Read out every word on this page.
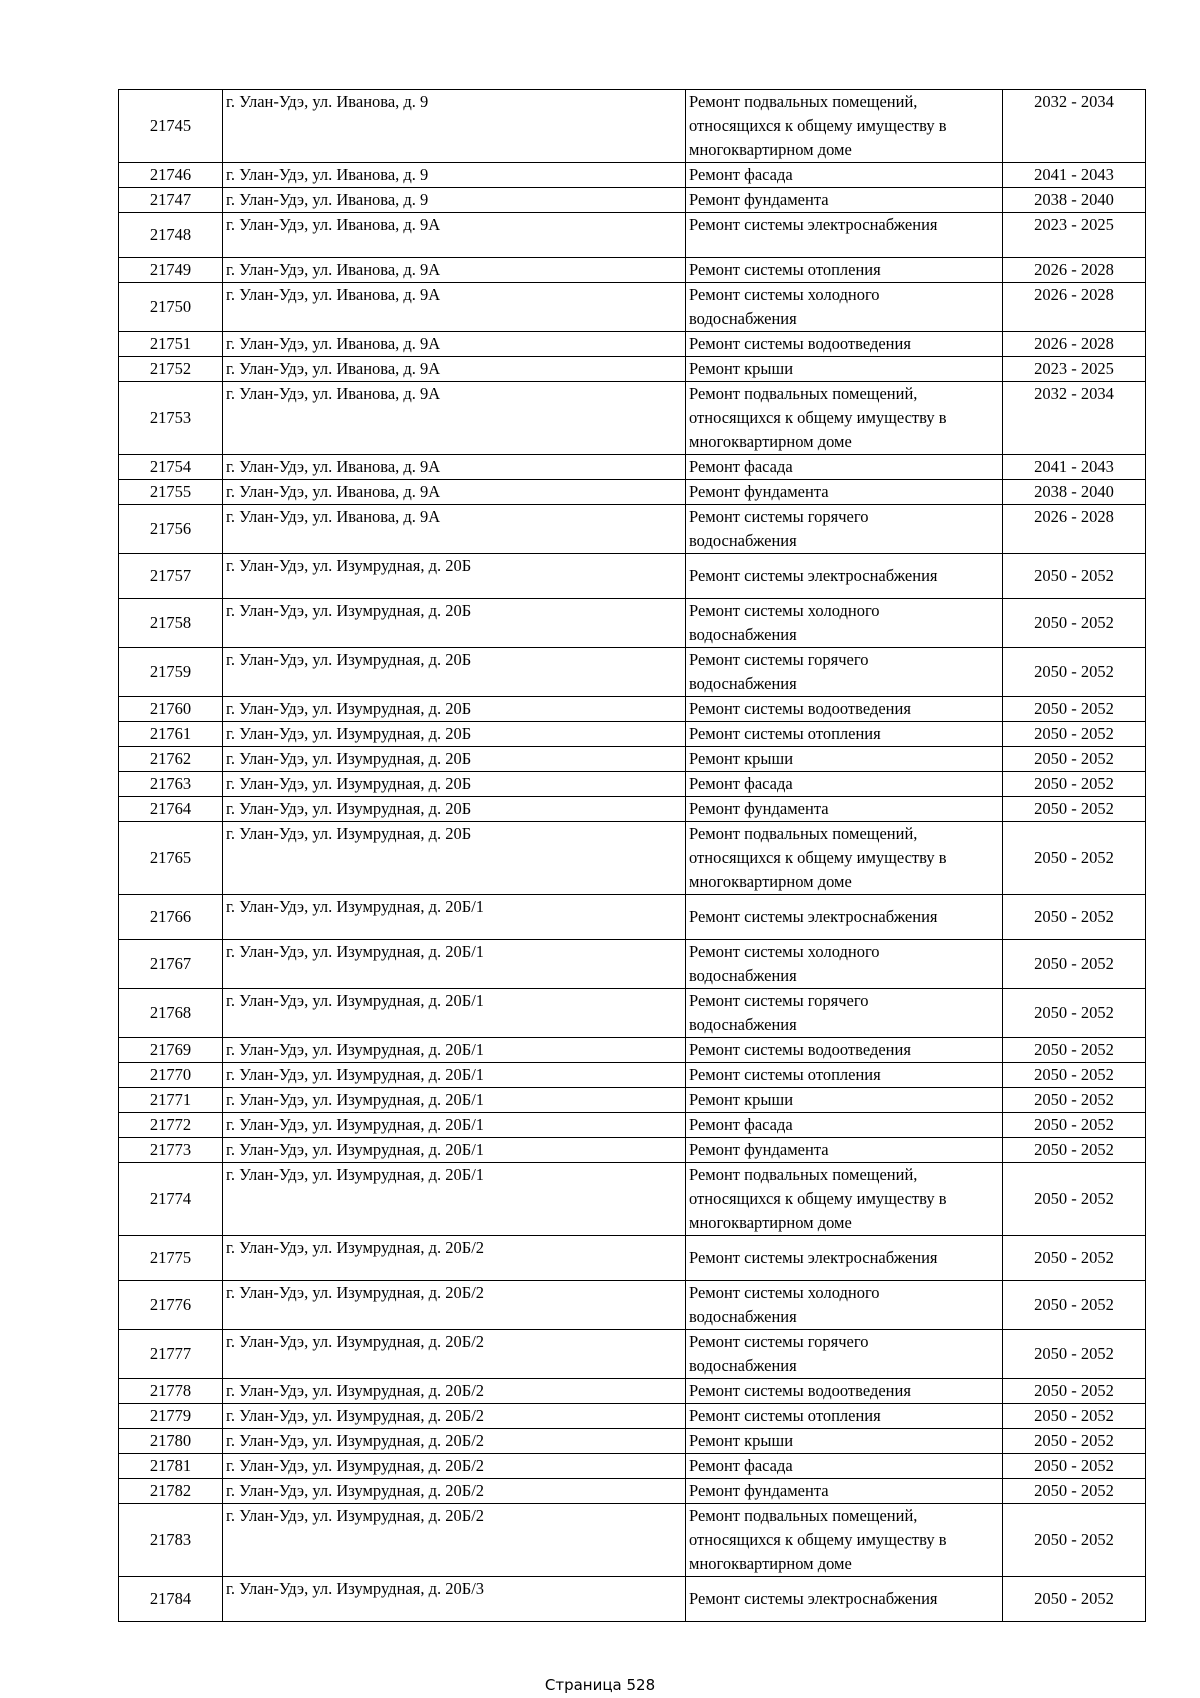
21745	г. Улан-Удэ, ул. Иванова, д. 9	Ремонт подвальных помещений,
относящихся к общему имуществу в
многоквартирном доме	2032 - 2034

21746	г. Улан-Удэ, ул. Иванова, д. 9	Ремонт фасада	2041 - 2043

21747	г. Улан-Удэ, ул. Иванова, д. 9	Ремонт фундамента	2038 - 2040

21748	г. Улан-Удэ, ул. Иванова, д. 9А	Ремонт системы электроснабжения	2023 - 2025

21749	г. Улан-Удэ, ул. Иванова, д. 9А	Ремонт системы отопления	2026 - 2028

21750	г. Улан-Удэ, ул. Иванова, д. 9А	Ремонт системы холодного
водоснабжения	2026 - 2028

21751	г. Улан-Удэ, ул. Иванова, д. 9А	Ремонт системы водоотведения	2026 - 2028

21752	г. Улан-Удэ, ул. Иванова, д. 9А	Ремонт крыши	2023 - 2025

21753	г. Улан-Удэ, ул. Иванова, д. 9А	Ремонт подвальных помещений,
относящихся к общему имуществу в
многоквартирном доме	2032 - 2034

21754	г. Улан-Удэ, ул. Иванова, д. 9А	Ремонт фасада	2041 - 2043

21755	г. Улан-Удэ, ул. Иванова, д. 9А	Ремонт фундамента	2038 - 2040

21756	г. Улан-Удэ, ул. Иванова, д. 9А	Ремонт системы горячего
водоснабжения	2026 - 2028

21757	г. Улан-Удэ, ул. Изумрудная, д. 20Б	Ремонт системы электроснабжения	2050 - 2052

21758	г. Улан-Удэ, ул. Изумрудная, д. 20Б	Ремонт системы холодного
водоснабжения	2050 - 2052

21759	г. Улан-Удэ, ул. Изумрудная, д. 20Б	Ремонт системы горячего
водоснабжения	2050 - 2052

21760	г. Улан-Удэ, ул. Изумрудная, д. 20Б	Ремонт системы водоотведения	2050 - 2052

21761	г. Улан-Удэ, ул. Изумрудная, д. 20Б	Ремонт системы отопления	2050 - 2052

21762	г. Улан-Удэ, ул. Изумрудная, д. 20Б	Ремонт крыши	2050 - 2052

21763	г. Улан-Удэ, ул. Изумрудная, д. 20Б	Ремонт фасада	2050 - 2052

21764	г. Улан-Удэ, ул. Изумрудная, д. 20Б	Ремонт фундамента	2050 - 2052

21765	г. Улан-Удэ, ул. Изумрудная, д. 20Б	Ремонт подвальных помещений,
относящихся к общему имуществу в
многоквартирном доме	2050 - 2052

21766	г. Улан-Удэ, ул. Изумрудная, д. 20Б/1	Ремонт системы электроснабжения	2050 - 2052

21767	г. Улан-Удэ, ул. Изумрудная, д. 20Б/1	Ремонт системы холодного
водоснабжения	2050 - 2052

21768	г. Улан-Удэ, ул. Изумрудная, д. 20Б/1	Ремонт системы горячего
водоснабжения	2050 - 2052

21769	г. Улан-Удэ, ул. Изумрудная, д. 20Б/1	Ремонт системы водоотведения	2050 - 2052

21770	г. Улан-Удэ, ул. Изумрудная, д. 20Б/1	Ремонт системы отопления	2050 - 2052

21771	г. Улан-Удэ, ул. Изумрудная, д. 20Б/1	Ремонт крыши	2050 - 2052

21772	г. Улан-Удэ, ул. Изумрудная, д. 20Б/1	Ремонт фасада	2050 - 2052

21773	г. Улан-Удэ, ул. Изумрудная, д. 20Б/1	Ремонт фундамента	2050 - 2052

21774	г. Улан-Удэ, ул. Изумрудная, д. 20Б/1	Ремонт подвальных помещений,
относящихся к общему имуществу в
многоквартирном доме	2050 - 2052

21775	г. Улан-Удэ, ул. Изумрудная, д. 20Б/2	Ремонт системы электроснабжения	2050 - 2052

21776	г. Улан-Удэ, ул. Изумрудная, д. 20Б/2	Ремонт системы холодного
водоснабжения	2050 - 2052

21777	г. Улан-Удэ, ул. Изумрудная, д. 20Б/2	Ремонт системы горячего
водоснабжения	2050 - 2052

21778	г. Улан-Удэ, ул. Изумрудная, д. 20Б/2	Ремонт системы водоотведения	2050 - 2052

21779	г. Улан-Удэ, ул. Изумрудная, д. 20Б/2	Ремонт системы отопления	2050 - 2052

21780	г. Улан-Удэ, ул. Изумрудная, д. 20Б/2	Ремонт крыши	2050 - 2052

21781	г. Улан-Удэ, ул. Изумрудная, д. 20Б/2	Ремонт фасада	2050 - 2052

21782	г. Улан-Удэ, ул. Изумрудная, д. 20Б/2	Ремонт фундамента	2050 - 2052

21783	г. Улан-Удэ, ул. Изумрудная, д. 20Б/2	Ремонт подвальных помещений,
относящихся к общему имуществу в
многоквартирном доме	2050 - 2052

21784	г. Улан-Удэ, ул. Изумрудная, д. 20Б/3	Ремонт системы электроснабжения	2050 - 2052
Страница 528
